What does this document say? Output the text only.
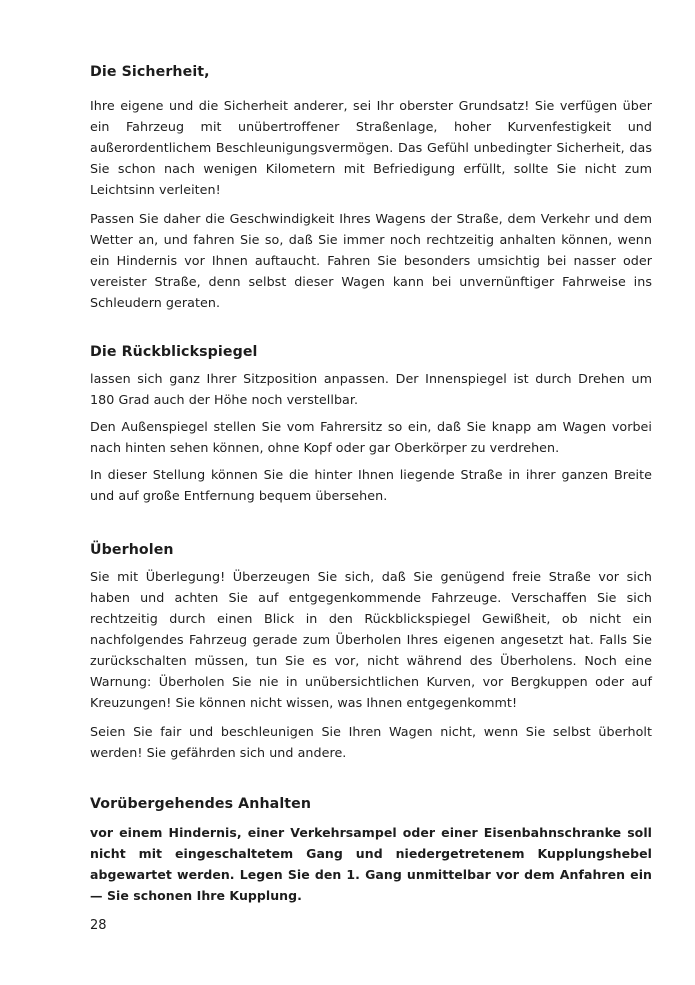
Die Sicherheit,

Ihre eigene und die Sicherheit anderer, sei Ihr oberster Grundsatz! Sie verfügen über ein Fahrzeug mit unübertroffener Straßenlage, hoher Kurvenfestigkeit und außerordentlichem Beschleunigungsvermögen. Das Gefühl unbedingter Sicherheit, das Sie schon nach wenigen Kilometern mit Befriedigung erfüllt, sollte Sie nicht zum Leichtsinn verleiten!

Passen Sie daher die Geschwindigkeit Ihres Wagens der Straße, dem Verkehr und dem Wetter an, und fahren Sie so, daß Sie immer noch rechtzeitig anhalten können, wenn ein Hindernis vor Ihnen auftaucht. Fahren Sie besonders umsichtig bei nasser oder vereister Straße, denn selbst dieser Wagen kann bei unvernünftiger Fahrweise ins Schleudern geraten.

Die Rückblickspiegel

lassen sich ganz Ihrer Sitzposition anpassen. Der Innenspiegel ist durch Drehen um 180 Grad auch der Höhe noch verstellbar.

Den Außenspiegel stellen Sie vom Fahrersitz so ein, daß Sie knapp am Wagen vorbei nach hinten sehen können, ohne Kopf oder gar Oberkörper zu verdrehen.

In dieser Stellung können Sie die hinter Ihnen liegende Straße in ihrer ganzen Breite und auf große Entfernung bequem übersehen.

Überholen

Sie mit Überlegung! Überzeugen Sie sich, daß Sie genügend freie Straße vor sich haben und achten Sie auf entgegenkommende Fahrzeuge. Verschaffen Sie sich rechtzeitig durch einen Blick in den Rückblickspiegel Gewißheit, ob nicht ein nachfolgendes Fahrzeug gerade zum Überholen Ihres eigenen angesetzt hat. Falls Sie zurückschalten müssen, tun Sie es vor, nicht während des Überholens. Noch eine Warnung: Überholen Sie nie in unübersichtlichen Kurven, vor Bergkuppen oder auf Kreuzungen! Sie können nicht wissen, was Ihnen entgegenkommt!

Seien Sie fair und beschleunigen Sie Ihren Wagen nicht, wenn Sie selbst überholt werden! Sie gefährden sich und andere.

Vorübergehendes Anhalten

vor einem Hindernis, einer Verkehrsampel oder einer Eisenbahnschranke soll nicht mit eingeschaltetem Gang und niedergetretenem Kupplungshebel abgewartet werden. Legen Sie den 1. Gang unmittelbar vor dem Anfahren ein — Sie schonen Ihre Kupplung.

28
